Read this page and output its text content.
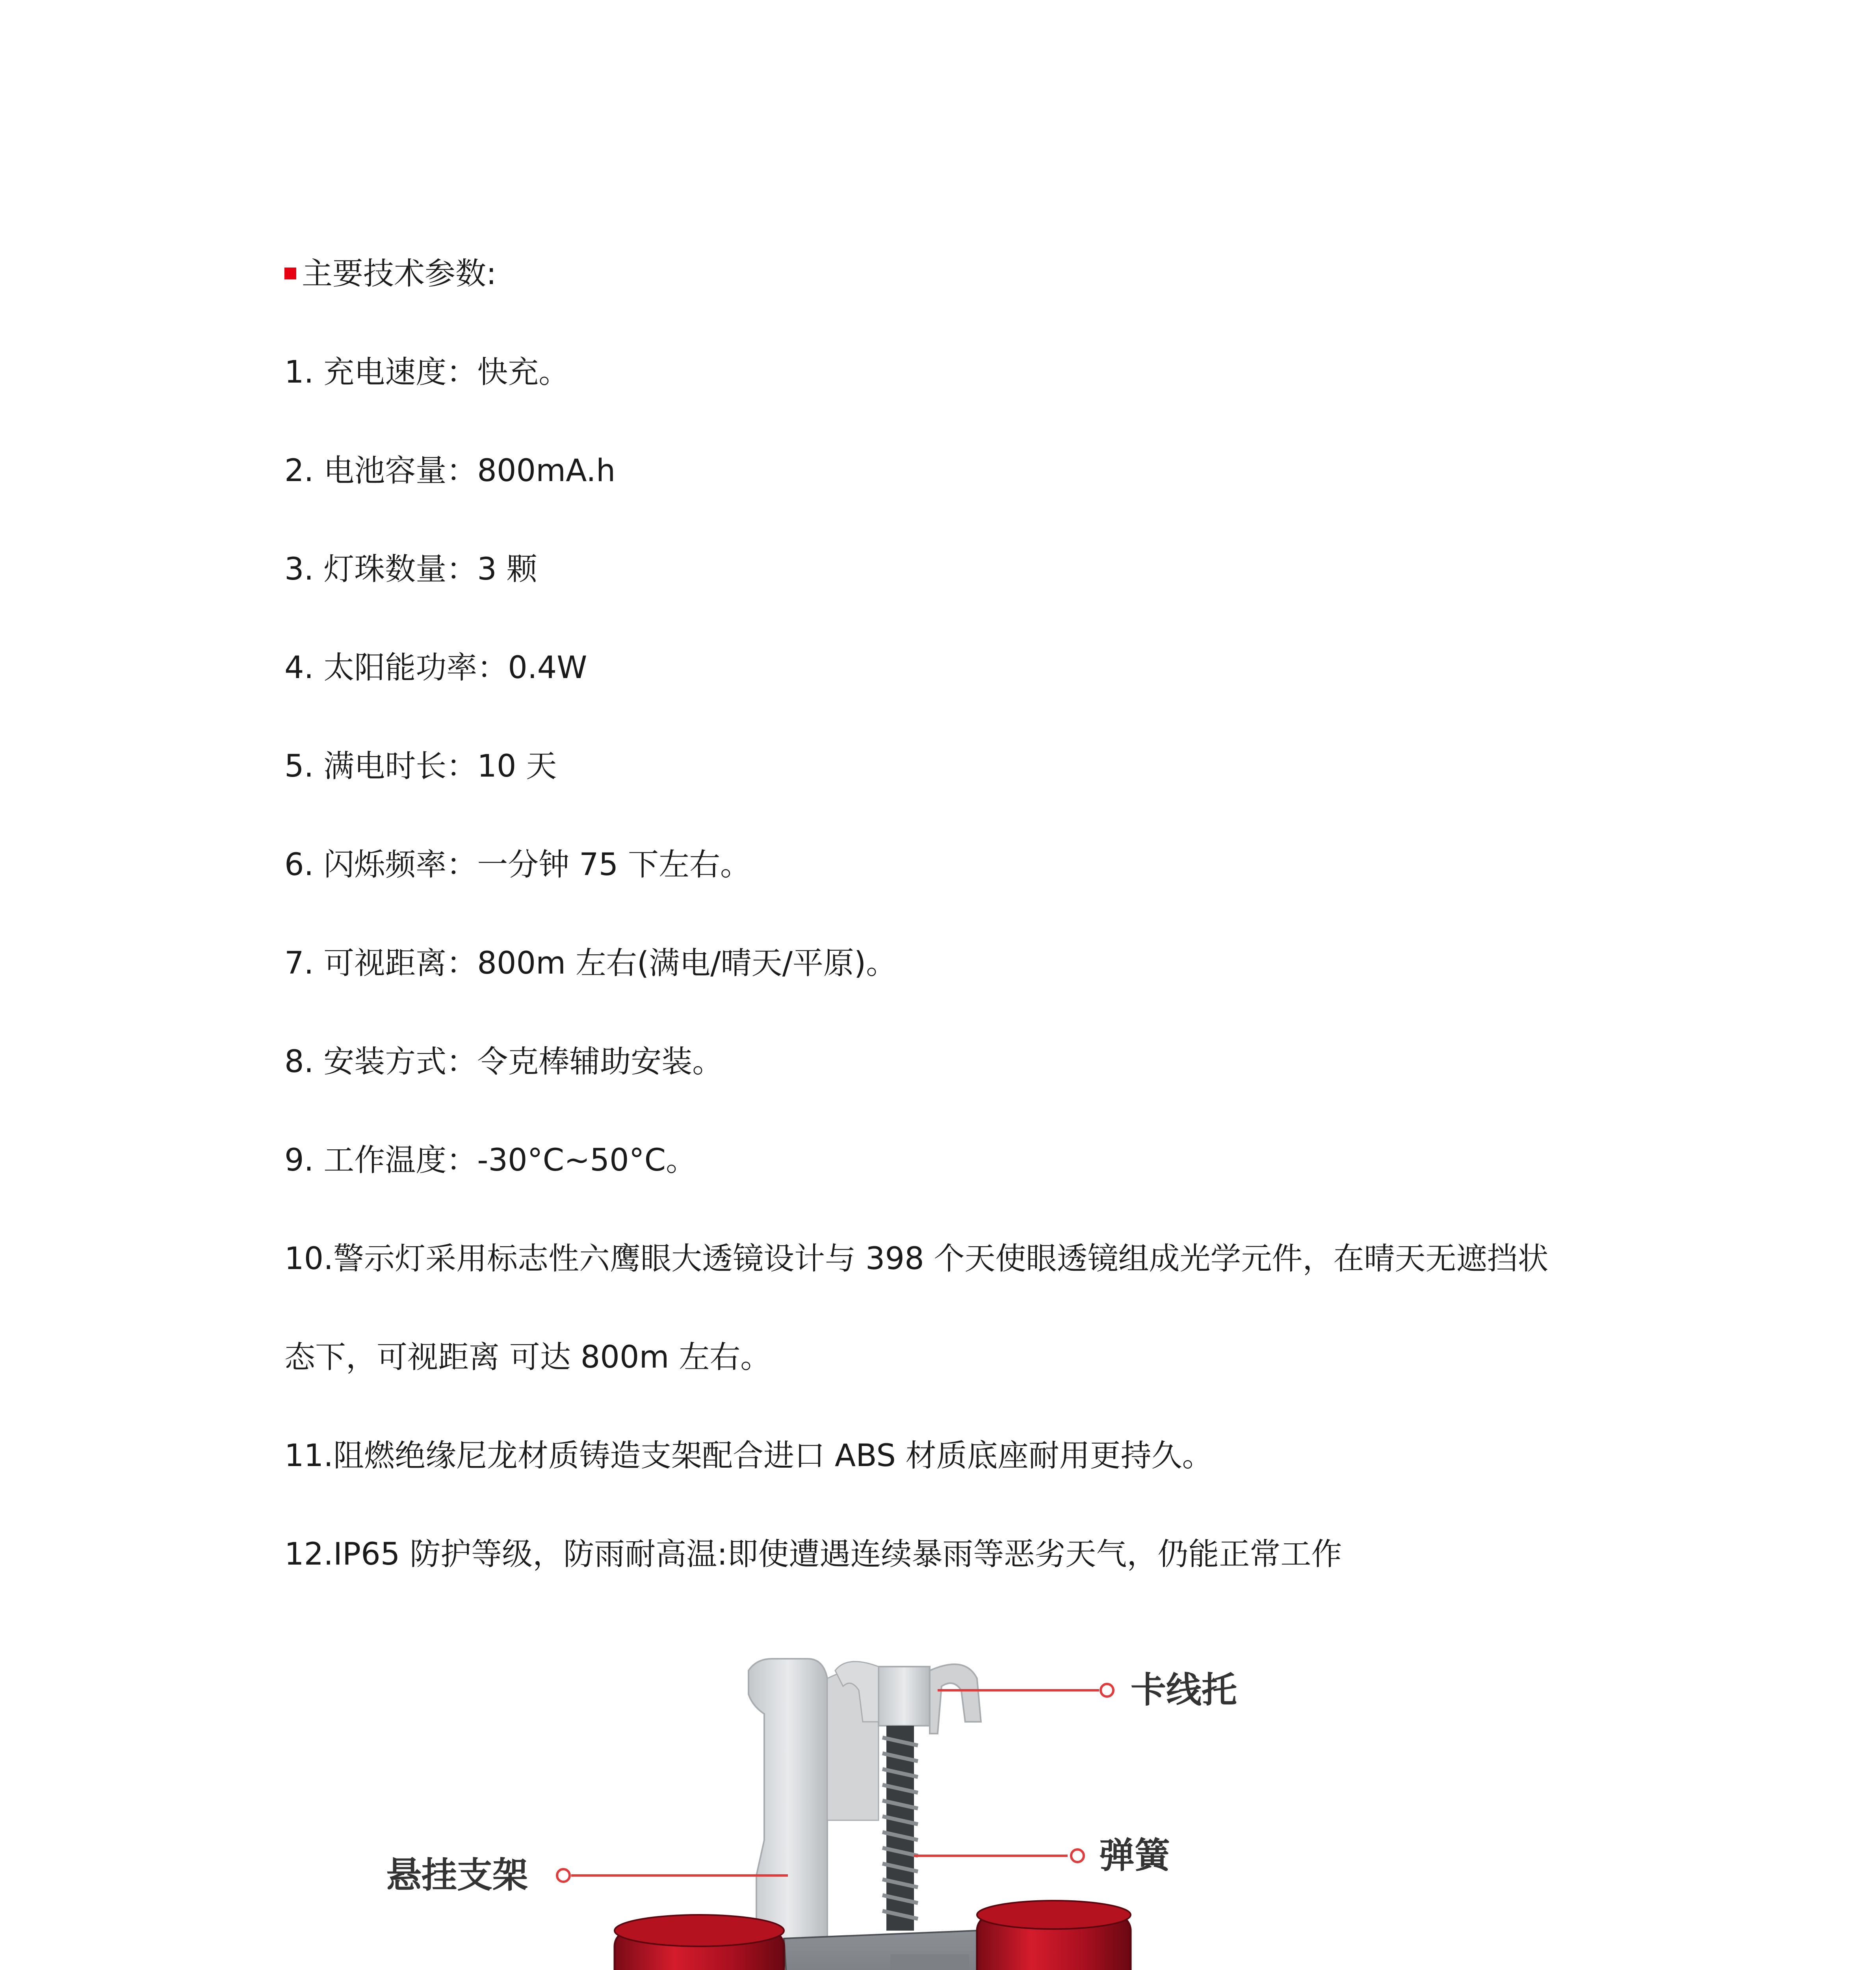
主要技术参数:
1. 充电速度：快充。
2. 电池容量：800mA.h
3. 灯珠数量：3 颗
4. 太阳能功率：0.4W
5. 满电时长：10 天
6. 闪烁频率：一分钟 75 下左右。
7. 可视距离：800m 左右(满电/晴天/平原)。
8. 安装方式：令克棒辅助安装。
9. 工作温度：-30°C~50°C。
10.警示灯采用标志性六鹰眼大透镜设计与 398 个天使眼透镜组成光学元件，在晴天无遮挡状
态下，可视距离 可达 800m 左右。
11.阻燃绝缘尼龙材质铸造支架配合进口 ABS 材质底座耐用更持久。
12.IP65 防护等级，防雨耐高温:即使遭遇连续暴雨等恶劣天气，仍能正常工作
卡线托
弹簧
悬挂支架
